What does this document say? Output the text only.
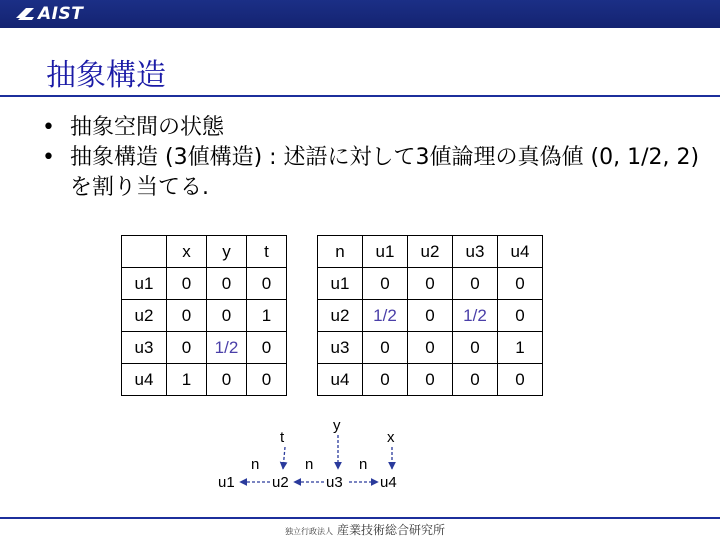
AIST
抽象構造
• 抽象空間の状態
• 抽象構造 (3値構造) : 述語に対して3値論理の真偽値 (0, 1/2, 2) を割り当てる.
	x	y	t
u1	0	0	0
u2	0	0	1
u3	0	1/2	0
u4	1	0	0
n	u1	u2	u3	u4
u1	0	0	0	0
u2	1/2	0	1/2	0
u3	0	0	0	1
u4	0	0	0	0
t
y
x
u1 u2 u3 u4
n	n	n
独立行政法人 産業技術総合研究所
